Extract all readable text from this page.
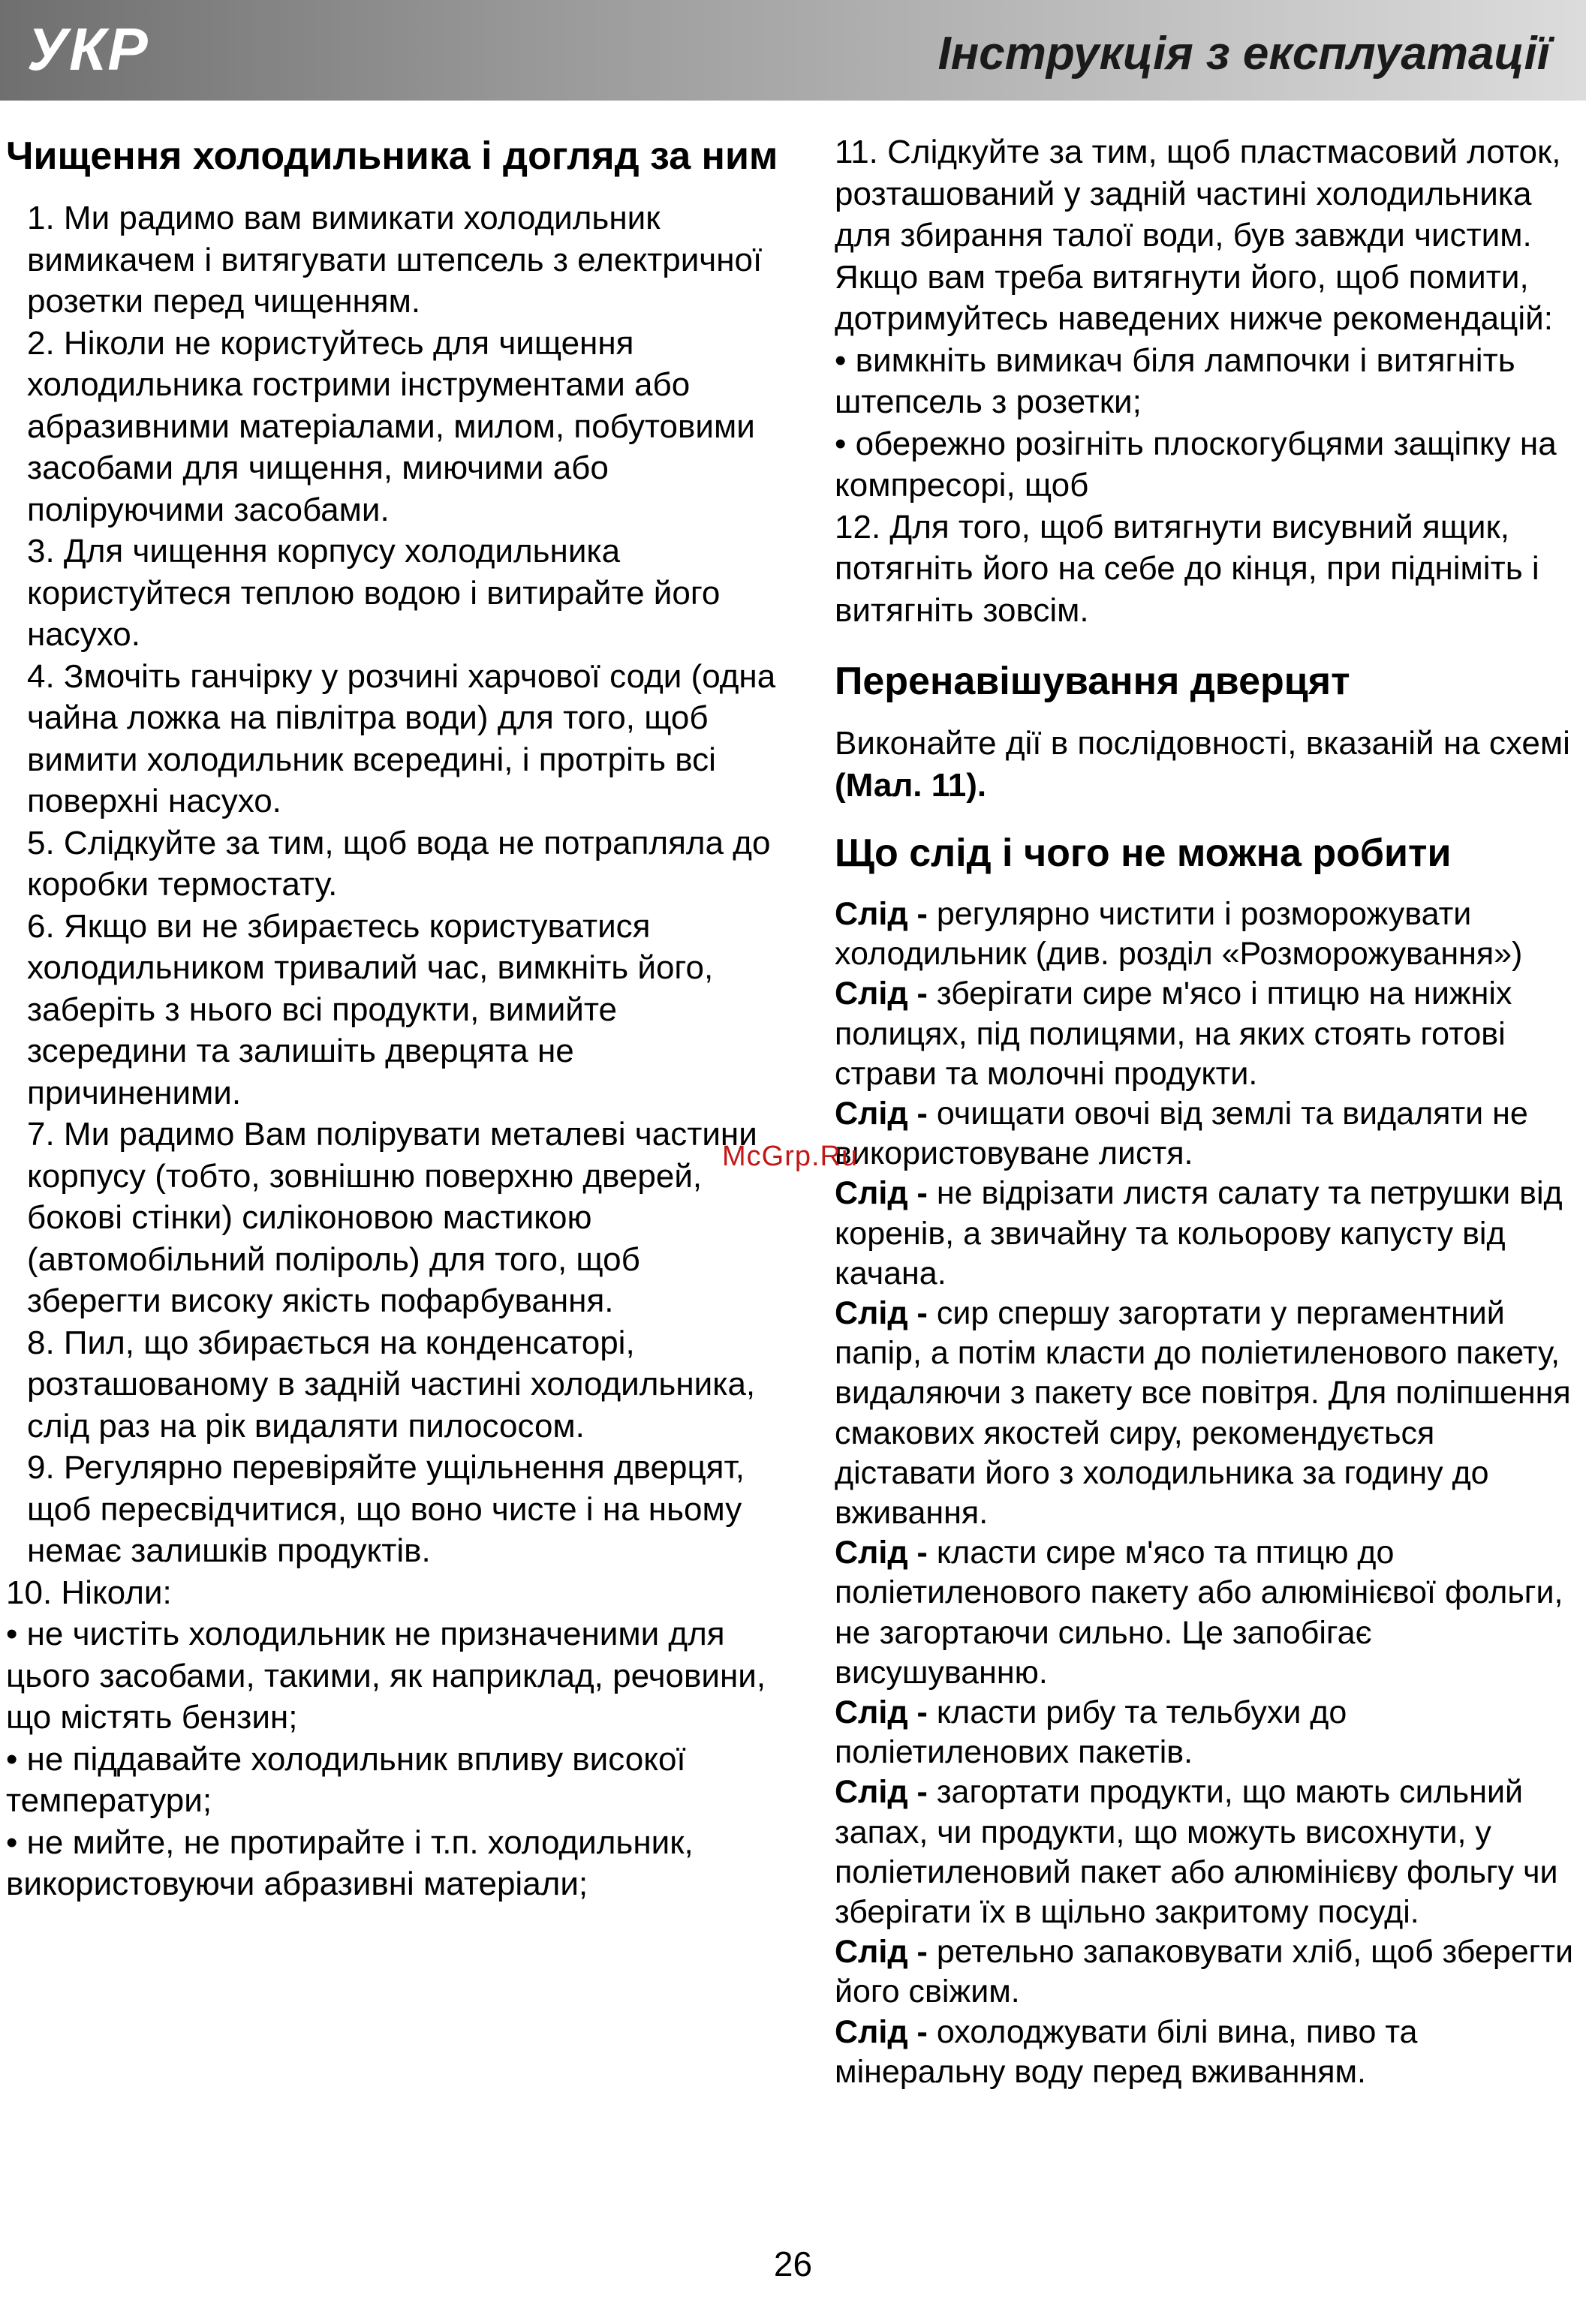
УКР	Інструкція з експлуатації
Чищення холодильника і догляд за ним

1. Ми радимо вам вимикати холодильник вимикачем і витягувати штепсель з електричної розетки перед чищенням.

2. Ніколи не користуйтесь для чищення холодильника гострими інструментами або абразивними матеріалами, милом, побутовими засобами для чищення, миючими або поліруючими засобами.

3. Для чищення корпусу холодильника користуйтеся теплою водою і витирайте його насухо.

4. Змочіть ганчірку у розчині харчової соди (одна чайна ложка на пiвлiтра води) для того, щоб вимити холодильник всередині, і протріть всі поверхні насухо.

5. Слідкуйте за тим, щоб вода не потрапляла до коробки термостату.

6. Якщо ви не збираєтесь користуватися холодильником тривалий час, вимкніть його, заберіть з нього всі продукти, вимийте зсередини та залишіть дверцята не причиненими.

7. Ми радимо Вам полірувати металеві частини корпусу (тобто, зовнішню поверхню дверей, бокові стінки) силіконовою мастикою (автомобільний поліроль) для того, щоб зберегти високу якість пофарбування.

8. Пил, що збирається на конденсаторі, розташованому в задній частині холодильника, слід раз на рік видаляти пилососом.

9. Регулярно перевіряйте ущільнення дверцят, щоб пересвідчитися, що воно чисте і на ньому немає залишків продуктів.

10. Ніколи:

• не чистіть холодильник не призначеними для цього засобами, такими, як наприклад, речовини, що містять бензин;

• не піддавайте холодильник впливу високої температури;

• не мийте, не протирайте і т.п. холодильник, використовуючи абразивні матеріали;

11. Слідкуйте за тим, щоб пластмасовий лоток, розташований у задній частині холодильника для збирання талої води, був завжди чистим.

Якщо вам треба витягнути його, щоб помити, дотримуйтесь наведених нижче рекомендацій:

• вимкніть вимикач біля лампочки і витягніть штепсель з розетки;

• обережно розігніть плоскогубцями защіпку на компресорі, щоб

12. Для того, щоб витягнути висувний ящик, потягніть його на себе до кінця, при підніміть і витягніть зовсім.

Перенавішування дверцят

Виконайте дії в послідовності, вказаній на схемі (Мал. 11).

Що слід і чого не можна робити

Слід - регулярно чистити і розморожувати холодильник (див. розділ «Розморожування»)

Слід - зберігати сире м'ясо і птицю на нижніх полицях, під полицями, на яких стоять готові страви та молочні продукти.

Слід - очищати овочі від землі та видаляти не використовуване листя.

Слід - не відрізати листя салату та петрушки від коренів, а звичайну та кольорову капусту від качана.

Слід - сир спершу загортати у пергаментний папір, а потім класти до поліетиленового пакету, видаляючи з пакету все повітря. Для поліпшення смакових якостей сиру, рекомендується діставати його з холодильника за годину до вживання.

Слід - класти сире м'ясо та птицю до поліетиленового пакету або алюмінієвої фольги, не загортаючи сильно. Це запобігає висушуванню.

Слід - класти рибу та тельбухи до поліетиленових пакетів.

Слід - загортати продукти, що мають сильний запах, чи продукти, що можуть висохнути, у поліетиленовий пакет або алюмінієву фольгу чи зберігати їх в щільно закритому посуді.

Слід - ретельно запаковувати хліб, щоб зберегти його свіжим.

Слід - охолоджувати білі вина, пиво та мінеральну воду перед вживанням.

McGrp.Ru
26
